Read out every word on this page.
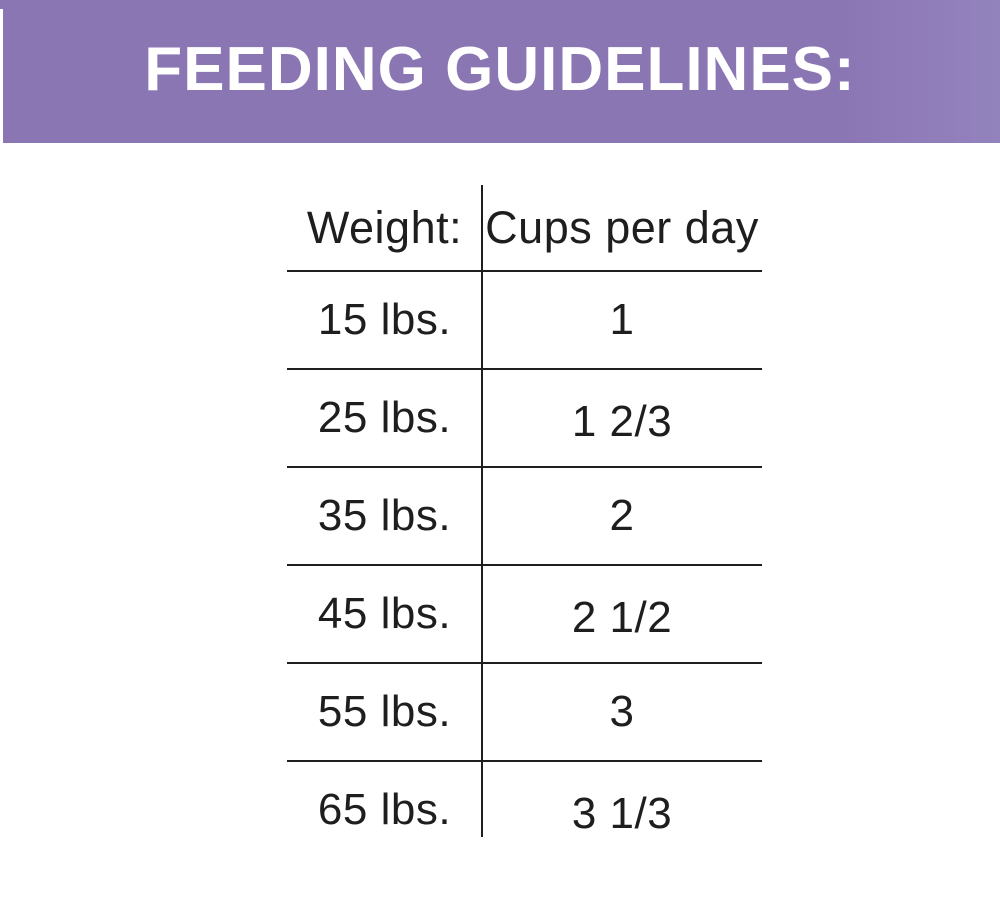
FEEDING GUIDELINES:
Weight: Cups per day
15 lbs.	1
25 lbs.	1 2/3
35 lbs.	2
45 lbs.	2 1/2
55 lbs.	3
65 lbs.	3 1/3
